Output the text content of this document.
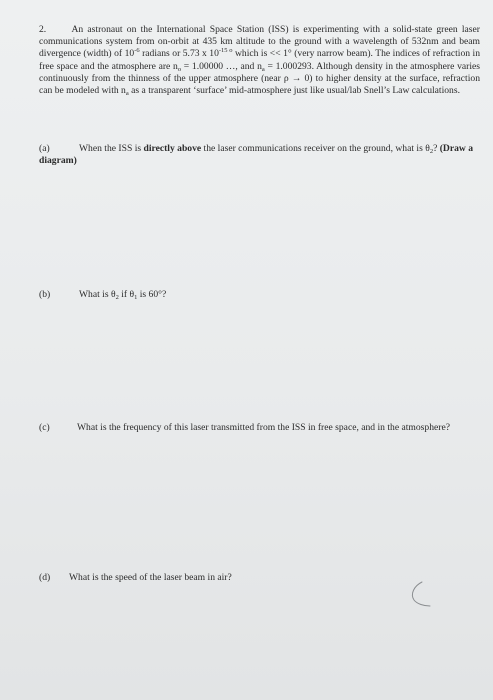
2.	An astronaut on the International Space Station (ISS) is experimenting with a solid-state green laser communications system from on-orbit at 435 km altitude to the ground with a wavelength of 532nm and beam divergence (width) of $10^{-6}$ radians or 5.73 x $10^{-15 o}$ which is << 1° (very narrow beam). The indices of refraction in free space and the atmosphere are $n_o = 1.00000$ …, and $n_a = 1.000293$. Although density in the atmosphere varies continuously from the thinness of the upper atmosphere (near ρ → 0) to higher density at the surface, refraction can be modeled with $n_a$ as a transparent ‘surface’ mid-atmosphere just like usual/lab Snell’s Law calculations.
(a)	When the ISS is directly above the laser communications receiver on the ground, what is $\theta_2$? (Draw a diagram)
(b)	What is $\theta_2$ if $\theta_1$ is 60°?
(c)	What is the frequency of this laser transmitted from the ISS in free space, and in the atmosphere?
(d) What is the speed of the laser beam in air?
